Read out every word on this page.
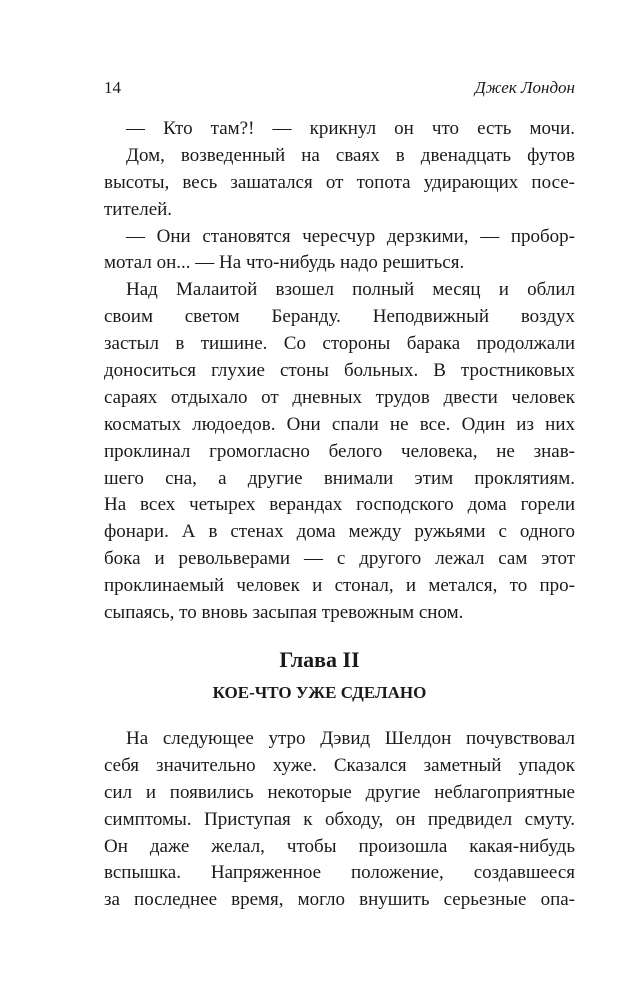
14	Джек Лондон
— Кто там?! — крикнул он что есть мочи.
Дом, возведенный на сваях в двенадцать футов
высоты, весь зашатался от топота удирающих посе-
тителей.
— Они становятся чересчур дерзкими, — пробор-
мотал он... — На что-нибудь надо решиться.
Над Малаитой взошел полный месяц и облил
своим светом Беранду. Неподвижный воздух
застыл в тишине. Со стороны барака продолжали
доноситься глухие стоны больных. В тростниковых
сараях отдыхало от дневных трудов двести человек
косматых людоедов. Они спали не все. Один из них
проклинал громогласно белого человека, не знав-
шего сна, а другие внимали этим проклятиям.
На всех четырех верандах господского дома горели
фонари. А в стенах дома между ружьями с одного
бока и револьверами — с другого лежал сам этот
проклинаемый человек и стонал, и метался, то про-
сыпаясь, то вновь засыпая тревожным сном.
Глава II
КОЕ-ЧТО УЖЕ СДЕЛАНО
На следующее утро Дэвид Шелдон почувствовал
себя значительно хуже. Сказался заметный упадок
сил и появились некоторые другие неблагоприятные
симптомы. Приступая к обходу, он предвидел смуту.
Он даже желал, чтобы произошла какая-нибудь
вспышка. Напряженное положение, создавшееся
за последнее время, могло внушить серьезные опа-
